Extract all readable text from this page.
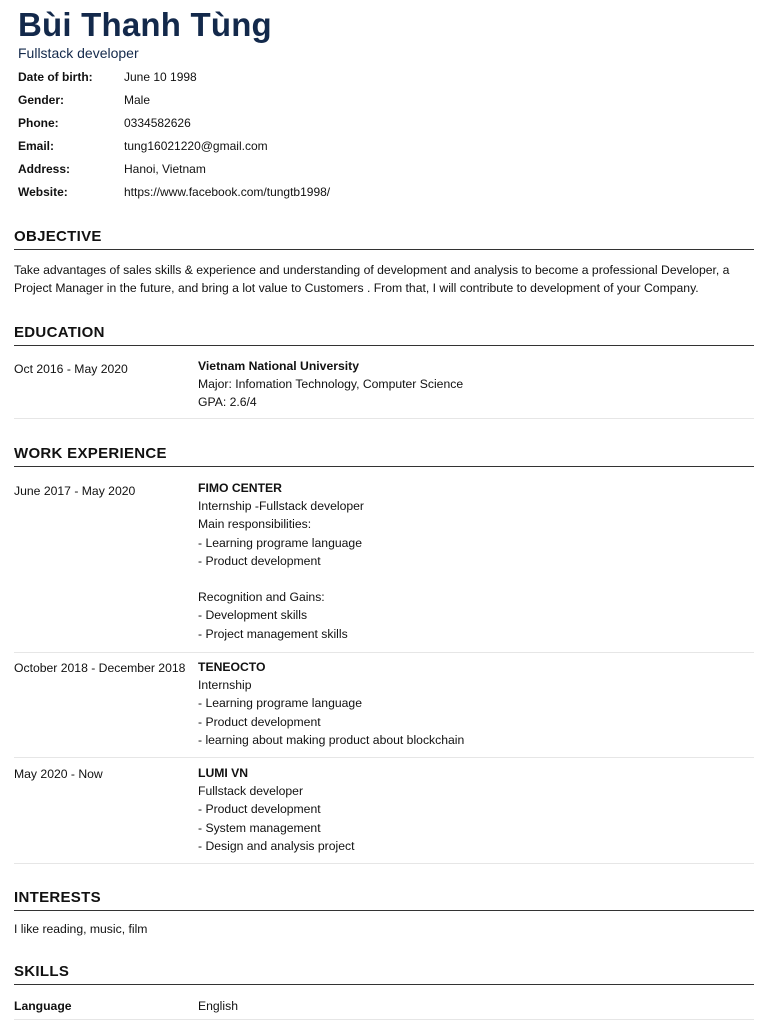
Bùi Thanh Tùng
Fullstack developer
Date of birth:	June 10 1998
Gender:	Male
Phone:	0334582626
Email:	tung16021220@gmail.com
Address:	Hanoi, Vietnam
Website:	https://www.facebook.com/tungtb1998/
OBJECTIVE
Take advantages of sales skills & experience and understanding of development and analysis to become a professional Developer, a Project Manager in the future, and bring a lot value to Customers . From that, I will contribute to development of your Company.
EDUCATION
Oct 2016 - May 2020	Vietnam National University
Major: Infomation Technology, Computer Science
GPA: 2.6/4
WORK EXPERIENCE
June 2017 - May 2020	FIMO CENTER
Internship -Fullstack developer
Main responsibilities:
- Learning programe language
- Product development
Recognition and Gains:
- Development skills
- Project management skills
October 2018 - December 2018 TENEOCTO
Internship
- Learning programe language
- Product development
- learning about making product about blockchain
May 2020 - Now	LUMI VN
Fullstack developer
- Product development
- System management
- Design and analysis project
INTERESTS
I like reading, music, film
SKILLS
Language	English
